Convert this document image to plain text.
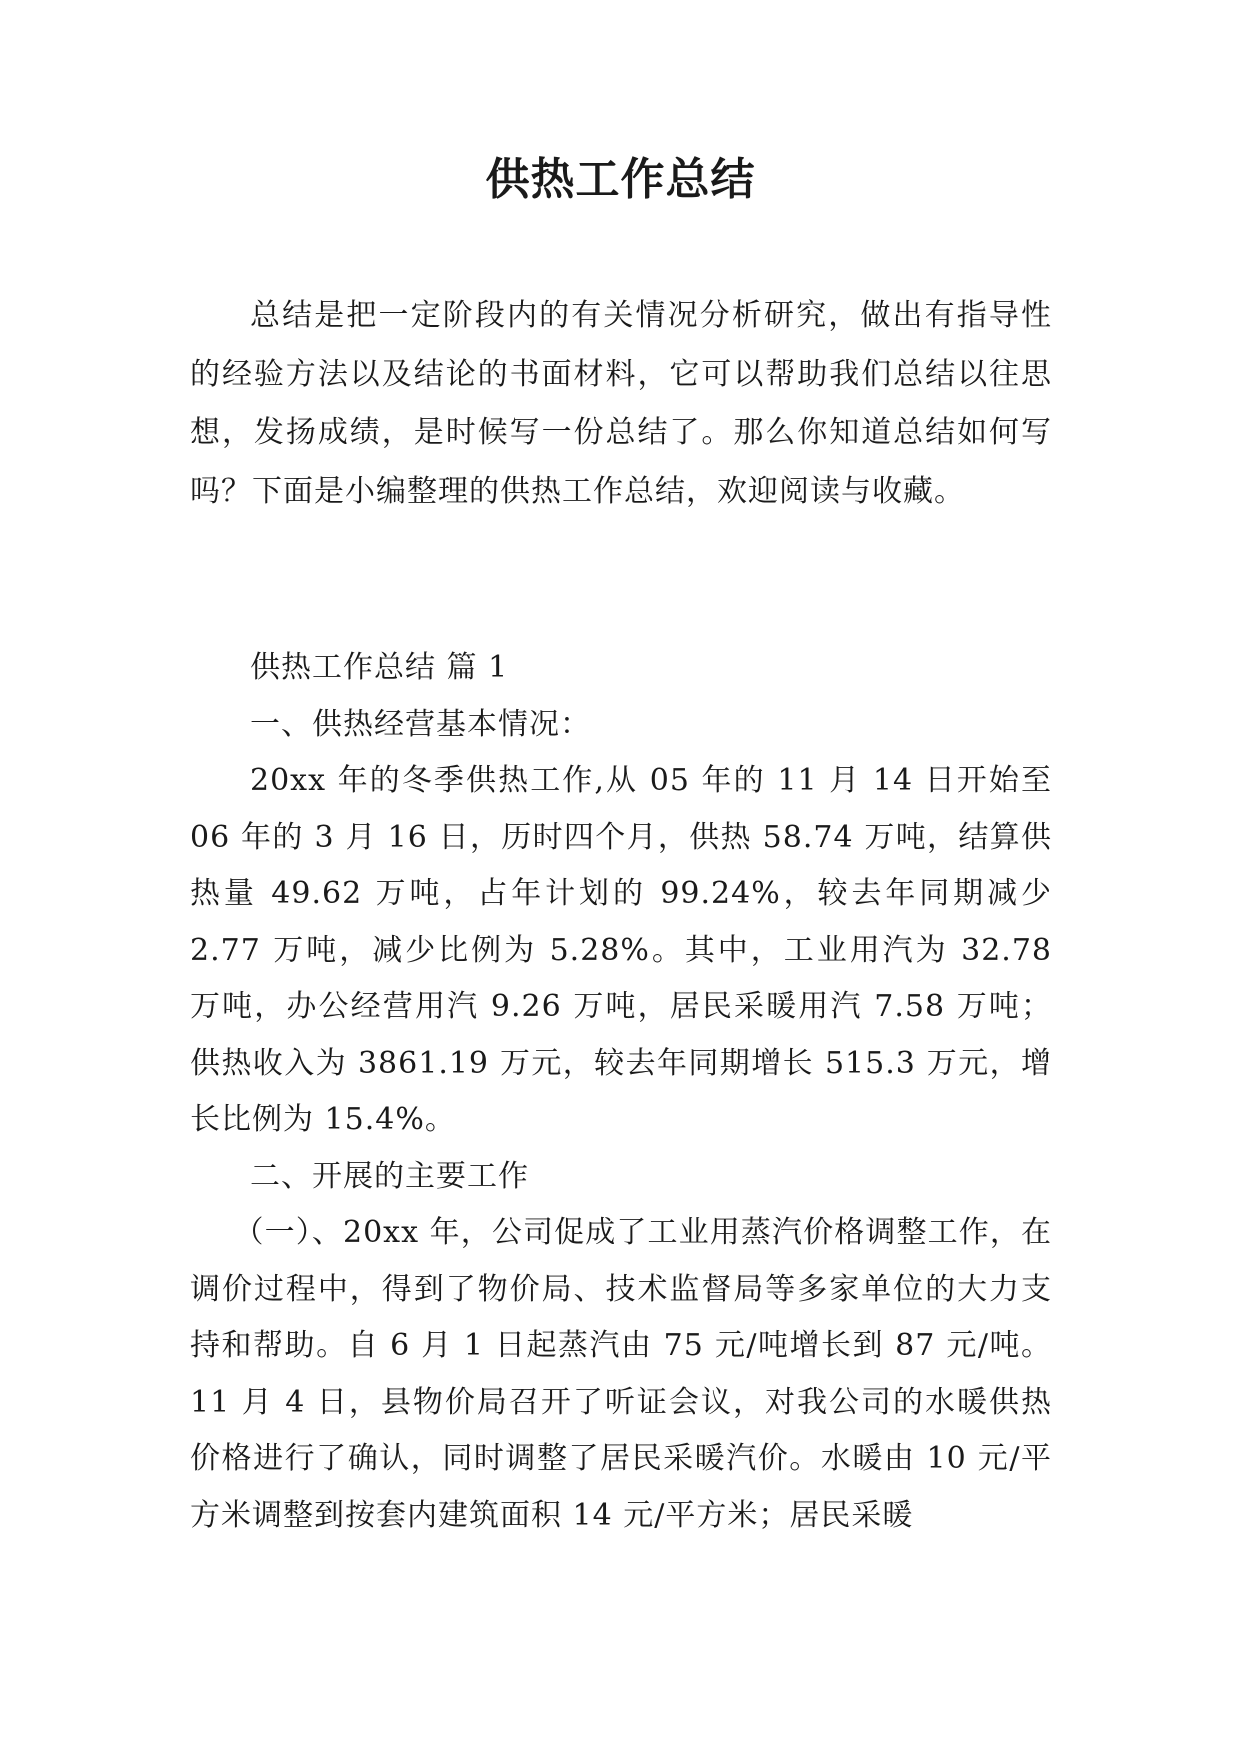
供热工作总结

总结是把一定阶段内的有关情况分析研究，做出有指导性的经验方法以及结论的书面材料，它可以帮助我们总结以往思想，发扬成绩，是时候写一份总结了。那么你知道总结如何写吗？下面是小编整理的供热工作总结，欢迎阅读与收藏。

供热工作总结 篇 1

一、供热经营基本情况：

20xx 年的冬季供热工作,从 05 年的 11 月 14 日开始至 06 年的 3 月 16 日，历时四个月，供热 58.74 万吨，结算供热量 49.62 万吨，占年计划的 99.24%，较去年同期减少 2.77 万吨，减少比例为 5.28%。其中，工业用汽为 32.78 万吨，办公经营用汽 9.26 万吨，居民采暖用汽 7.58 万吨；供热收入为 3861.19 万元，较去年同期增长 515.3 万元，增长比例为 15.4%。

二、开展的主要工作

（一）、20xx 年，公司促成了工业用蒸汽价格调整工作，在调价过程中，得到了物价局、技术监督局等多家单位的大力支持和帮助。自 6 月 1 日起蒸汽由 75 元/吨增长到 87 元/吨。11 月 4 日，县物价局召开了听证会议，对我公司的水暖供热价格进行了确认，同时调整了居民采暖汽价。水暖由 10 元/平方米调整到按套内建筑面积 14 元/平方米；居民采暖
